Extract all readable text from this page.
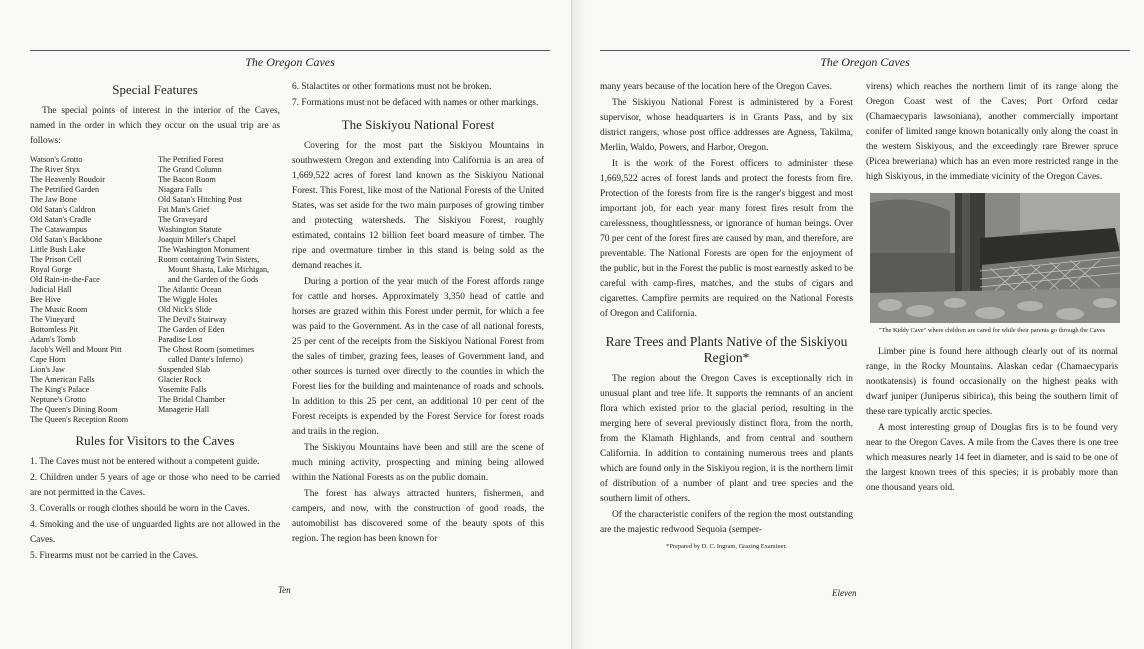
The Oregon Caves
Special Features

The special points of interest in the interior of the Caves, named in the order in which they occur on the usual trip are as follows:

Watson's Grotto
The River Styx
The Heavenly Boudoir
The Petrified Garden
The Jaw Bone
Old Satan's Caldron
Old Satan's Cradle
The Catawampus
Old Satan's Backbone
Little Bush Lake
The Prison Cell
Royal Gorge
Old Rain-in-the-Face
Judicial Hall
Bee Hive
The Music Room
The Vineyard
Bottomless Pit
Adam's Tomb
Jacob's Well and Mount Pitt
Cape Horn
Lion's Jaw
The American Falls
The King's Palace
Neptune's Grotto
The Queen's Dining Room
The Queen's Reception Room
The Petrified Forest
The Grand Column
The Bacon Room
Niagara Falls
Old Satan's Hitching Post
Fat Man's Grief
The Graveyard
Washington Statute
Joaquin Miller's Chapel
The Washington Monument
Room containing Twin Sisters,
Mount Shasta, Lake Michigan,
and the Garden of the Gods
The Atlantic Ocean
The Wiggle Holes
Old Nick's Slide
The Devil's Stairway
The Garden of Eden
Paradise Lost
The Ghost Room (sometimes
called Dante's Inferno)
Suspended Slab
Glacier Rock
Yosemite Falls
The Bridal Chamber
Managerie Hall
Rules for Visitors to the Caves

1. The Caves must not be entered without a competent guide.

2. Children under 5 years of age or those who need to be carried are not permitted in the Caves.

3. Coveralls or rough clothes should be worn in the Caves.

4. Smoking and the use of unguarded lights are not allowed in the Caves.

5. Firearms must not be carried in the Caves.

6. Stalactites or other formations must not be broken.

7. Formations must not be defaced with names or other markings.

The Siskiyou National Forest

Covering for the most part the Siskiyou Mountains in southwestern Oregon and extending into California is an area of 1,669,522 acres of forest land known as the Siskiyou National Forest. This Forest, like most of the National Forests of the United States, was set aside for the two main purposes of growing timber and protecting watersheds. The Siskiyou Forest, roughly estimated, contains 12 billion feet board measure of timber. The ripe and overmature timber in this stand is being sold as the demand reaches it.

During a portion of the year much of the Forest affords range for cattle and horses. Approximately 3,350 head of cattle and horses are grazed within this Forest under permit, for which a fee was paid to the Government. As in the case of all national forests, 25 per cent of the receipts from the Siskiyou National Forest from the sales of timber, grazing fees, leases of Government land, and other sources is turned over directly to the counties in which the Forest lies for the building and maintenance of roads and schools. In addition to this 25 per cent, an additional 10 per cent of the Forest receipts is expended by the Forest Service for forest roads and trails in the region.

The Siskiyou Mountains have been and still are the scene of much mining activity, prospecting and mining being allowed within the National Forests as on the public domain.

The forest has always attracted hunters, fishermen, and campers, and now, with the construction of good roads, the automobilist has discovered some of the beauty spots of this region. The region has been known for

Ten
The Oregon Caves

many years because of the location here of the Oregon Caves.

The Siskiyou National Forest is administered by a Forest supervisor, whose headquarters is in Grants Pass, and by six district rangers, whose post office addresses are Agness, Takilma, Merlin, Waldo, Powers, and Harbor, Oregon.

It is the work of the Forest officers to administer these 1,669,522 acres of forest lands and protect the forests from fire. Protection of the forests from fire is the ranger's biggest and most important job, for each year many forest fires result from the carelessness, thoughtlessness, or ignorance of human beings. Over 70 per cent of the forest fires are caused by man, and therefore, are preventable. The National Forests are open for the enjoyment of the public, but in the Forest the public is most earnestly asked to be careful with camp-fires, matches, and the stubs of cigars and cigarettes. Campfire permits are required on the National Forests of Oregon and California.

Rare Trees and Plants Native of the Siskiyou Region*

The region about the Oregon Caves is exceptionally rich in unusual plant and tree life. It supports the remnants of an ancient flora which existed prior to the glacial period, resulting in the merging here of several previously distinct flora, from the north, from the Klamath Highlands, and from central and southern California. In addition to containing numerous trees and plants which are found only in the Siskiyou region, it is the northern limit of distribution of a number of plant and tree species and the southern limit of others.

Of the characteristic conifers of the region the most outstanding are the majestic redwood Sequoia (semper-

*Prepared by D. C. Ingram, Grazing Examiner.

virens) which reaches the northern limit of its range along the Oregon Coast west of the Caves; Port Orford cedar (Chamaecyparis lawsoniana), another commercially important conifer of limited range known botanically only along the coast in the western Siskiyous, and the exceedingly rare Brewer spruce (Picea breweriana) which has an even more restricted range in the high Siskiyous, in the immediate vicinity of the Oregon Caves.

"The Kiddy Cave" where children are cared for while their parents go through the Caves

Limber pine is found here although clearly out of its normal range, in the Rocky Mountains. Alaskan cedar (Chamaecyparis nootkatensis) is found occasionally on the highest peaks with dwarf juniper (Juniperus sibirica), this being the southern limit of these rare typically arctic species.

A most interesting group of Douglas firs is to be found very near to the Oregon Caves. A mile from the Caves there is one tree which measures nearly 14 feet in diameter, and is said to be one of the largest known trees of this species; it is probably more than one thousand years old.

Eleven
